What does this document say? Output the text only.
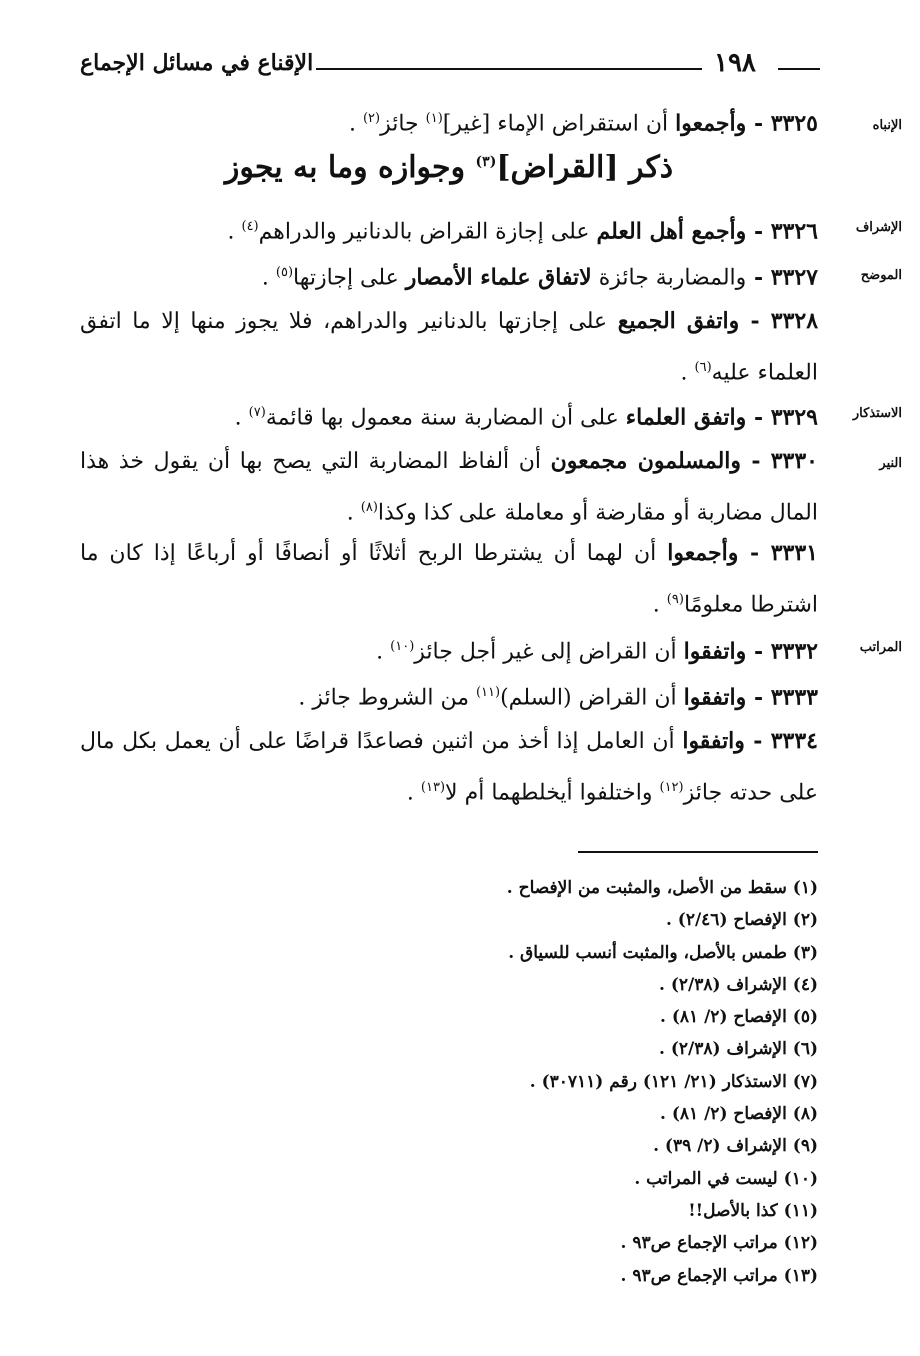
الإقناع في مسائل الإجماع	١٩٨
الإنباه
٣٣٢٥ - وأجمعوا أن استقراض الإماء [غير]$^{(١)}$ جائز$^{(٢)}$ .
ذكر [القراض]$^{(٣)}$ وجوازه وما به يجوز
الإشراف
٣٣٢٦ - وأجمع أهل العلم على إجازة القراض بالدنانير والدراهم$^{(٤)}$ .
الموضح
٣٣٢٧ - والمضاربة جائزة لاتفاق علماء الأمصار على إجازتها$^{(٥)}$ .
٣٣٢٨ - واتفق الجميع على إجازتها بالدنانير والدراهم، فلا يجوز منها إلا ما اتفق العلماء عليه$^{(٦)}$ .
الاستذكار
٣٣٢٩ - واتفق العلماء على أن المضاربة سنة معمول بها قائمة$^{(٧)}$ .
النير
٣٣٣٠ - والمسلمون مجمعون أن ألفاظ المضاربة التي يصح بها أن يقول خذ هذا المال مضاربة أو مقارضة أو معاملة على كذا وكذا$^{(٨)}$ .
٣٣٣١ - وأجمعوا أن لهما أن يشترطا الربح أثلاثًا أو أنصافًا أو أرباعًا إذا كان ما اشترطا معلومًا$^{(٩)}$ .
المراتب
٣٣٣٢ - واتفقوا أن القراض إلى غير أجل جائز$^{(١٠)}$ .
٣٣٣٣ - واتفقوا أن القراض (السلم)$^{(١١)}$ من الشروط جائز .
٣٣٣٤ - واتفقوا أن العامل إذا أخذ من اثنين فصاعدًا قراضًا على أن يعمل بكل مال على حدته جائز$^{(١٢)}$ واختلفوا أيخلطهما أم لا$^{(١٣)}$ .
(١) سقط من الأصل، والمثبت من الإفصاح .
(٢) الإفصاح (٢/٤٦) .
(٣) طمس بالأصل، والمثبت أنسب للسياق .
(٤) الإشراف (٢/٣٨) .
(٥) الإفصاح (٢/ ٨١) .
(٦) الإشراف (٢/٣٨) .
(٧) الاستذكار (٢١/ ١٢١) رقم (٣٠٧١١) .
(٨) الإفصاح (٢/ ٨١) .
(٩) الإشراف (٢/ ٣٩) .
(١٠) ليست في المراتب .
(١١) كذا بالأصل!!
(١٢) مراتب الإجماع ص٩٣ .
(١٣) مراتب الإجماع ص٩٣ .
